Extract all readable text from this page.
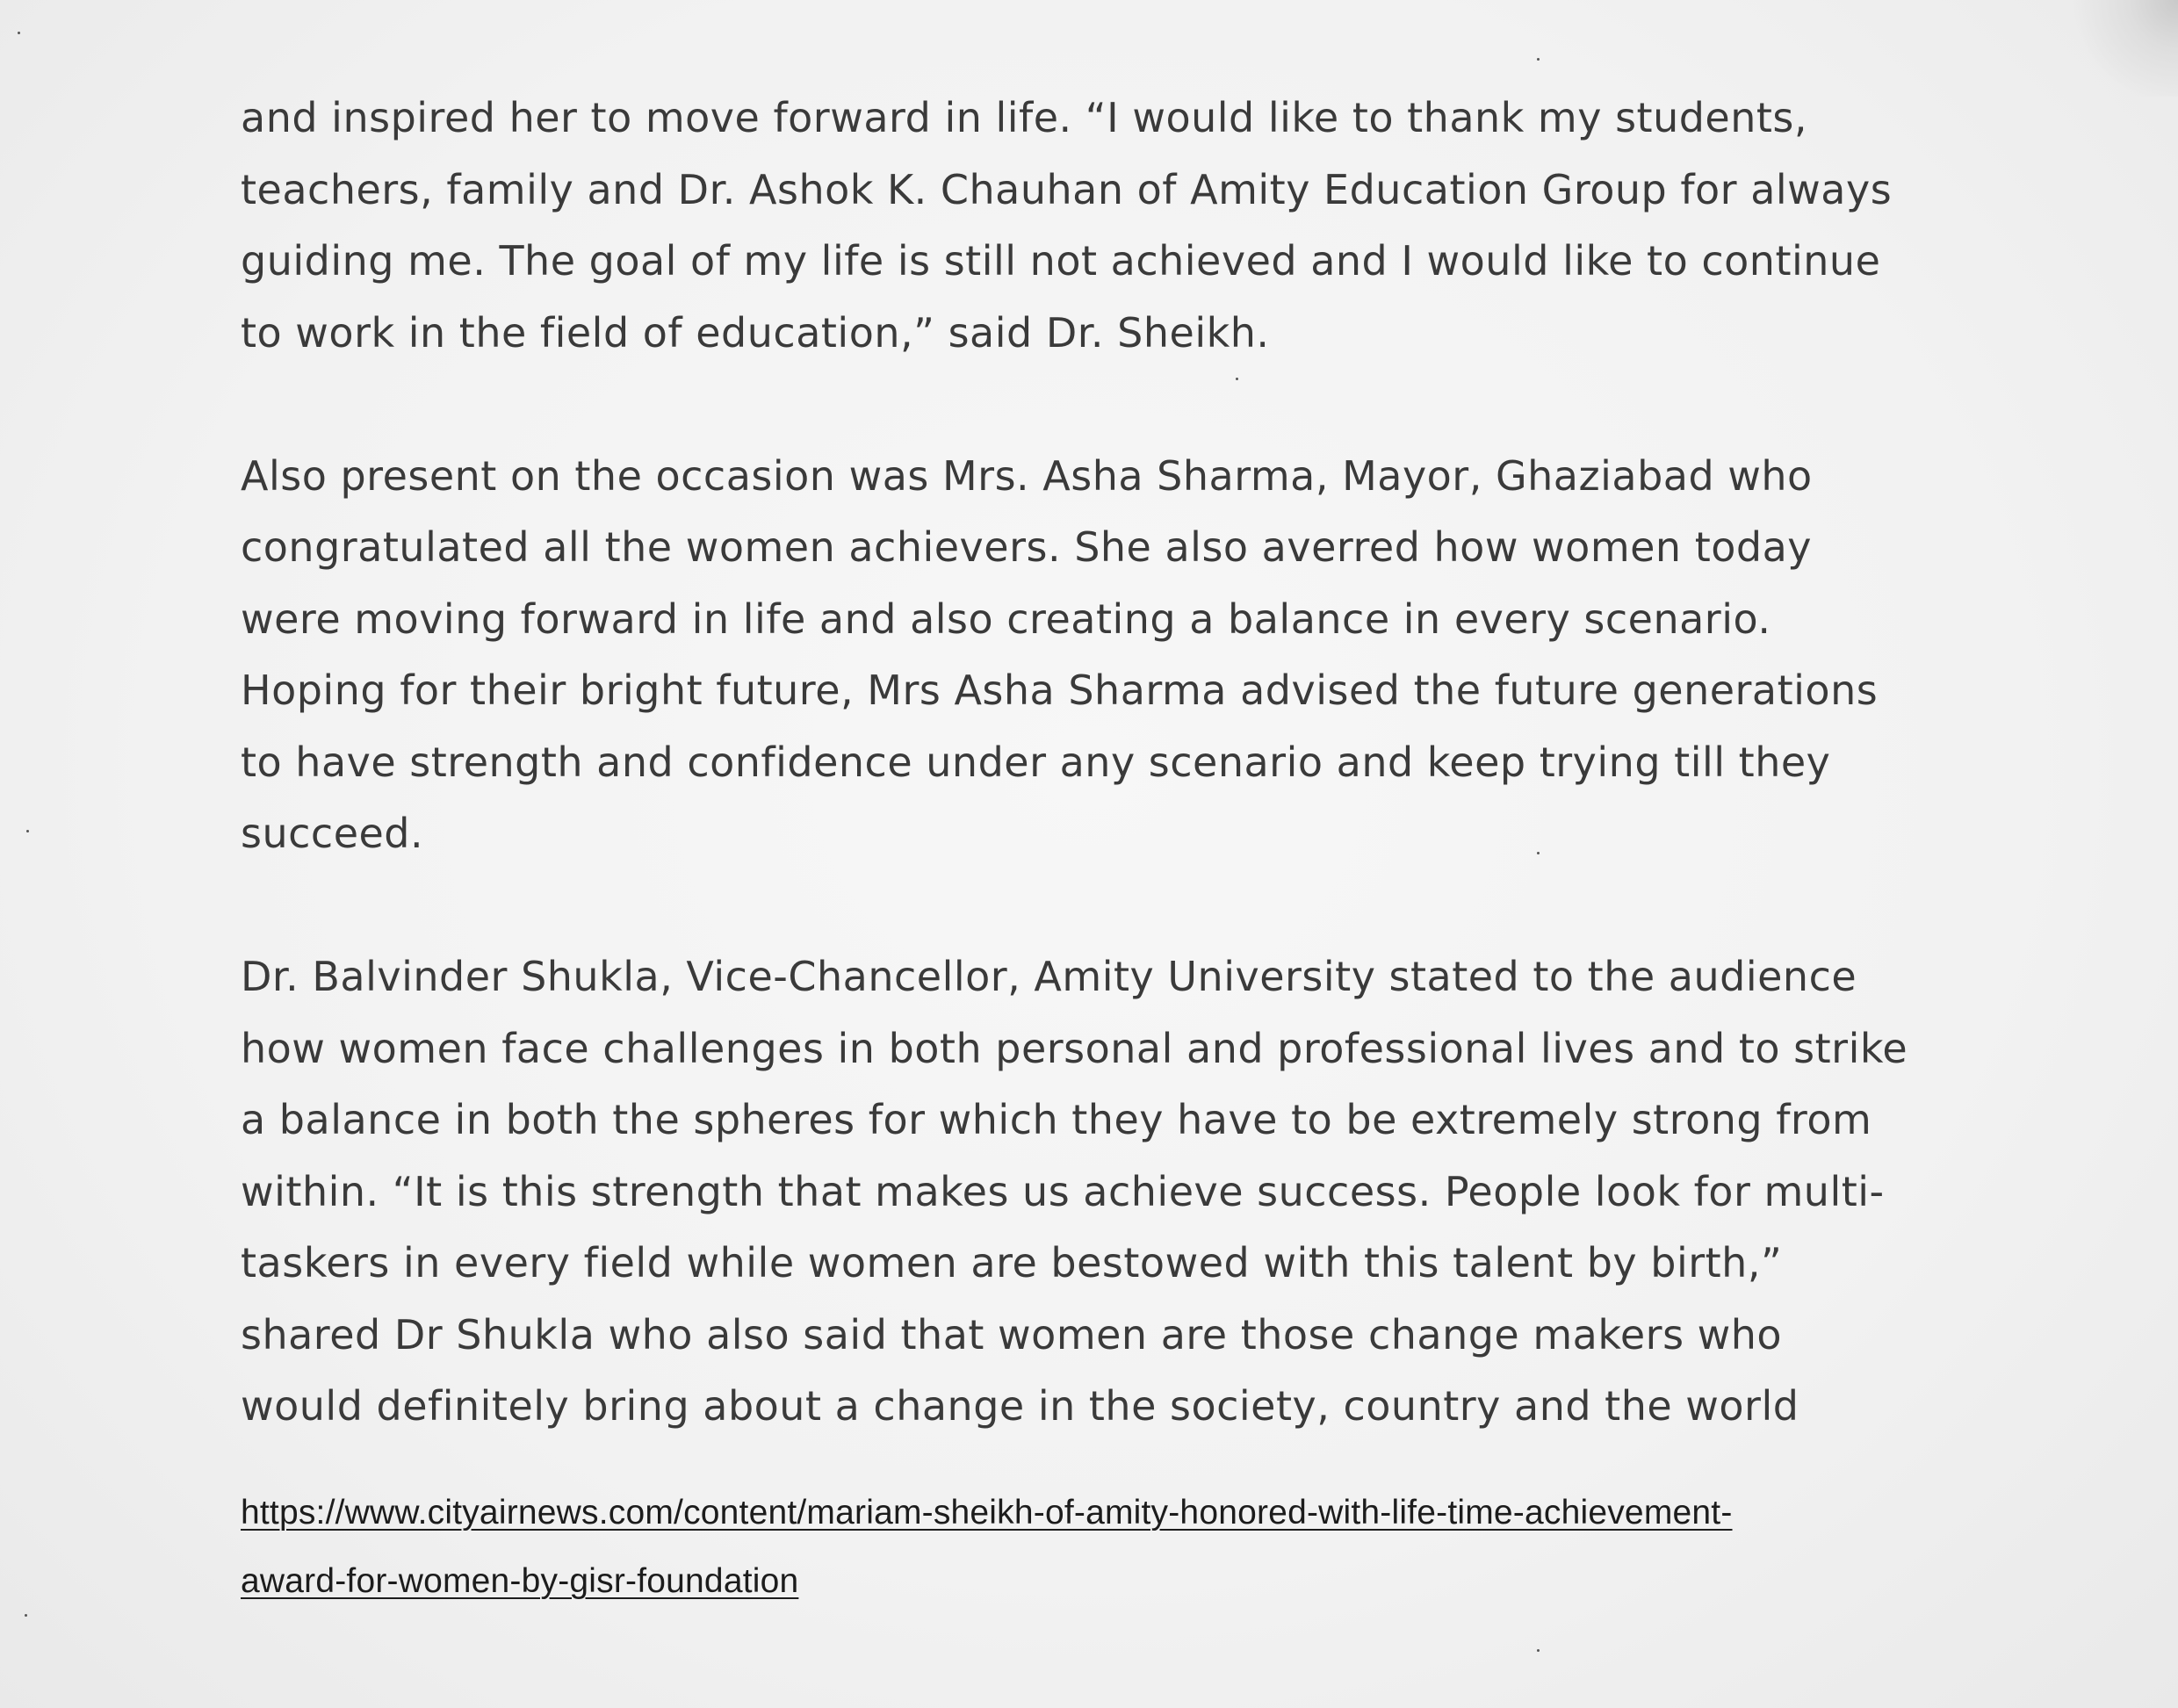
and inspired her to move forward in life. “I would like to thank my students,
teachers, family and Dr. Ashok K. Chauhan of Amity Education Group for always
guiding me. The goal of my life is still not achieved and I would like to continue
to work in the field of education,” said Dr. Sheikh.
Also present on the occasion was Mrs. Asha Sharma, Mayor, Ghaziabad who
congratulated all the women achievers. She also averred how women today
were moving forward in life and also creating a balance in every scenario.
Hoping for their bright future, Mrs Asha Sharma advised the future generations
to have strength and confidence under any scenario and keep trying till they
succeed.
Dr. Balvinder Shukla, Vice-Chancellor, Amity University stated to the audience
how women face challenges in both personal and professional lives and to strike
a balance in both the spheres for which they have to be extremely strong from
within. “It is this strength that makes us achieve success. People look for multi-
taskers in every field while women are bestowed with this talent by birth,”
shared Dr Shukla who also said that women are those change makers who
would definitely bring about a change in the society, country and the world
https://www.cityairnews.com/content/mariam-sheikh-of-amity-honored-with-life-time-achievement-
award-for-women-by-gisr-foundation
